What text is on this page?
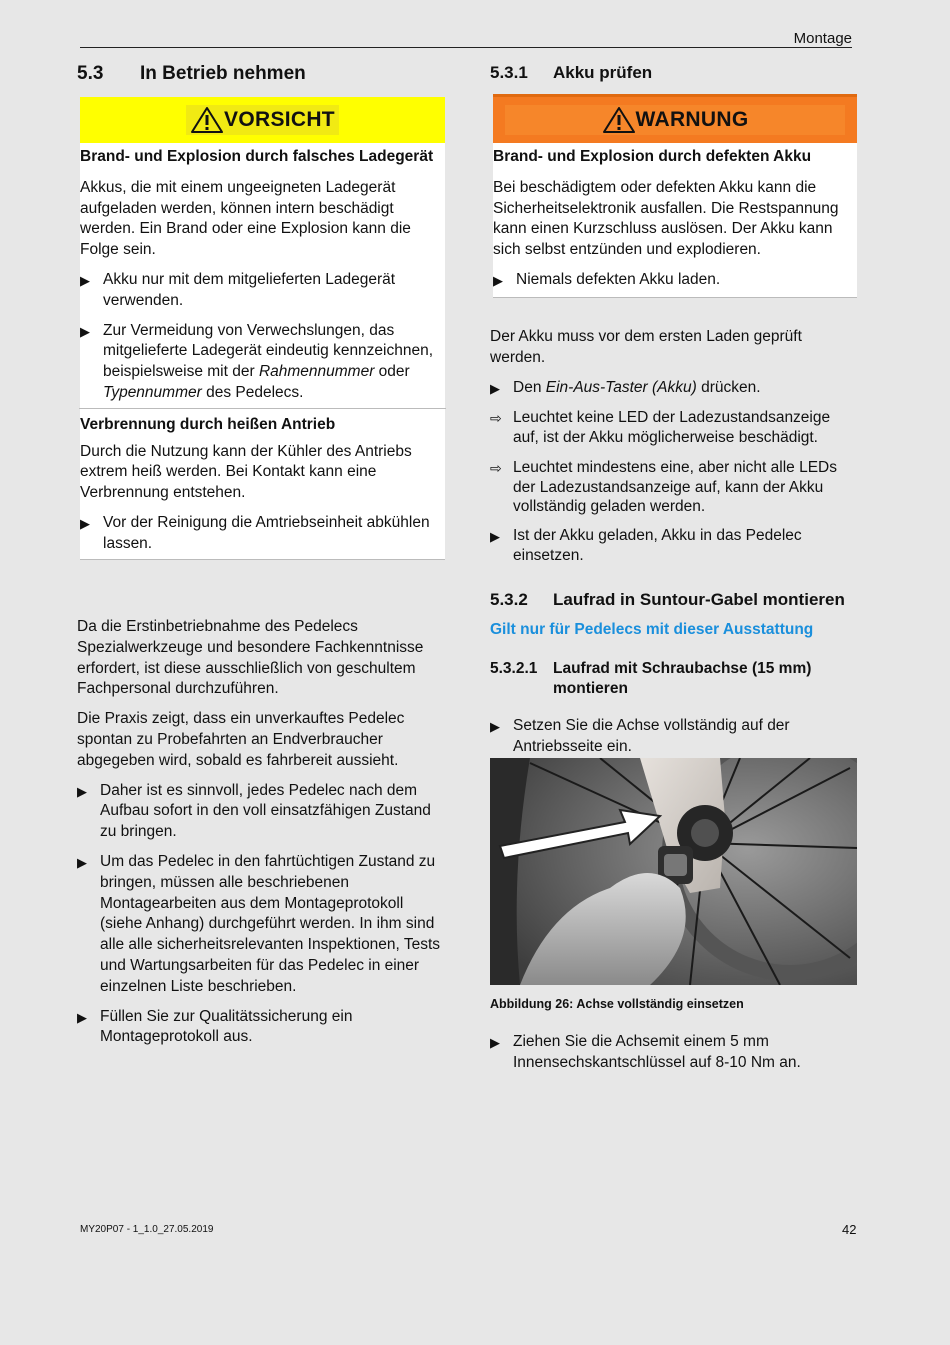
Montage
5.3 In Betrieb nehmen
VORSICHT

Brand- und Explosion durch falsches Ladegerät

Akkus, die mit einem ungeeigneten Ladegerät aufgeladen werden, können intern beschädigt werden. Ein Brand oder eine Explosion kann die Folge sein.

▶ Akku nur mit dem mitgelieferten Ladegerät verwenden.
▶ Zur Vermeidung von Verwechslungen, das mitgelieferte Ladegerät eindeutig kennzeichnen, beispielsweise mit der Rahmennummer oder Typennummer des Pedelecs.

Verbrennung durch heißen Antrieb

Durch die Nutzung kann der Kühler des Antriebs extrem heiß werden. Bei Kontakt kann eine Verbrennung entstehen.

▶ Vor der Reinigung die Amtriebseinheit abkühlen lassen.

Da die Erstinbetriebnahme des Pedelecs Spezialwerkzeuge und besondere Fachkenntnisse erfordert, ist diese ausschließlich von geschultem Fachpersonal durchzuführen.

Die Praxis zeigt, dass ein unverkauftes Pedelec spontan zu Probefahrten an Endverbraucher abgegeben wird, sobald es fahrbereit aussieht.

▶ Daher ist es sinnvoll, jedes Pedelec nach dem Aufbau sofort in den voll einsatzfähigen Zustand zu bringen.
▶ Um das Pedelec in den fahrtüchtigen Zustand zu bringen, müssen alle beschriebenen Montagearbeiten aus dem Montageprotokoll (siehe Anhang) durchgeführt werden. In ihm sind alle alle sicherheitsrelevanten Inspektionen, Tests und Wartungsarbeiten für das Pedelec in einer einzelnen Liste beschrieben.
▶ Füllen Sie zur Qualitätssicherung ein Montageprotokoll aus.
5.3.1 Akku prüfen
WARNUNG

Brand- und Explosion durch defekten Akku

Bei beschädigtem oder defekten Akku kann die Sicherheitselektronik ausfallen. Die Restspannung kann einen Kurzschluss auslösen. Der Akku kann sich selbst entzünden und explodieren.

▶ Niemals defekten Akku laden.

Der Akku muss vor dem ersten Laden geprüft werden.

▶ Den Ein-Aus-Taster (Akku) drücken.
⇨ Leuchtet keine LED der Ladezustandsanzeige auf, ist der Akku möglicherweise beschädigt.
⇨ Leuchtet mindestens eine, aber nicht alle LEDs der Ladezustandsanzeige auf, kann der Akku vollständig geladen werden.
▶ Ist der Akku geladen, Akku in das Pedelec einsetzen.
5.3.2 Laufrad in Suntour-Gabel montieren
Gilt nur für Pedelecs mit dieser Ausstattung
5.3.2.1	Laufrad mit Schraubachse (15 mm) montieren
▶ Setzen Sie die Achse vollständig auf der Antriebsseite ein.
Abbildung 26: Achse vollständig einsetzen
▶ Ziehen Sie die Achsemit einem 5 mm Innensechskantschlüssel auf 8-10 Nm an.
MY20P07 - 1_1.0_27.05.2019	42
